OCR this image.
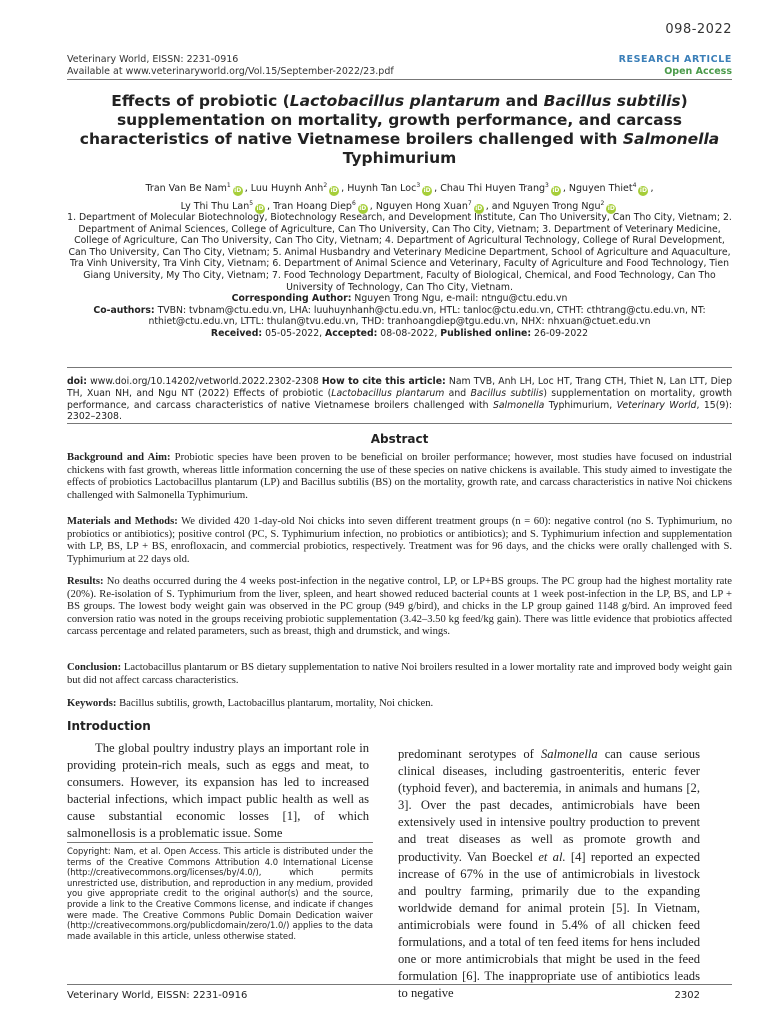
098-2022
Veterinary World, EISSN: 2231-0916
Available at www.veterinaryworld.org/Vol.15/September-2022/23.pdf
RESEARCH ARTICLE
Open Access
Effects of probiotic (Lactobacillus plantarum and Bacillus subtilis) supplementation on mortality, growth performance, and carcass characteristics of native Vietnamese broilers challenged with Salmonella Typhimurium
Tran Van Be Nam$^1$iD , Luu Huynh Anh$^2$iD , Huynh Tan Loc$^3$iD , Chau Thi Huyen Trang$^3$iD , Nguyen Thiet$^4$iD ,
Ly Thi Thu Lan$^5$iD , Tran Hoang Diep$^6$iD , Nguyen Hong Xuan$^7$iD , and Nguyen Trong Ngu$^2$iD
1. Department of Molecular Biotechnology, Biotechnology Research, and Development Institute, Can Tho University, Can Tho City, Vietnam; 2. Department of Animal Sciences, College of Agriculture, Can Tho University, Can Tho City, Vietnam; 3. Department of Veterinary Medicine, College of Agriculture, Can Tho University, Can Tho City, Vietnam; 4. Department of Agricultural Technology, College of Rural Development, Can Tho University, Can Tho City, Vietnam; 5. Animal Husbandry and Veterinary Medicine Department, School of Agriculture and Aquaculture, Tra Vinh University, Tra Vinh City, Vietnam; 6. Department of Animal Science and Veterinary, Faculty of Agriculture and Food Technology, Tien Giang University, My Tho City, Vietnam; 7. Food Technology Department, Faculty of Biological, Chemical, and Food Technology, Can Tho University of Technology, Can Tho City, Vietnam.
Corresponding Author: Nguyen Trong Ngu, e-mail: ntngu@ctu.edu.vn
Co-authors: TVBN: tvbnam@ctu.edu.vn, LHA: luuhuynhanh@ctu.edu.vn, HTL: tanloc@ctu.edu.vn, CTHT: cthtrang@ctu.edu.vn, NT: nthiet@ctu.edu.vn, LTTL: thulan@tvu.edu.vn, THD: tranhoangdiep@tgu.edu.vn, NHX: nhxuan@ctuet.edu.vn
Received: 05-05-2022, Accepted: 08-08-2022, Published online: 26-09-2022
doi: www.doi.org/10.14202/vetworld.2022.2302-2308 How to cite this article: Nam TVB, Anh LH, Loc HT, Trang CTH, Thiet N, Lan LTT, Diep TH, Xuan NH, and Ngu NT (2022) Effects of probiotic (Lactobacillus plantarum and Bacillus subtilis) supplementation on mortality, growth performance, and carcass characteristics of native Vietnamese broilers challenged with Salmonella Typhimurium, Veterinary World, 15(9): 2302–2308.
Abstract
Background and Aim: Probiotic species have been proven to be beneficial on broiler performance; however, most studies have focused on industrial chickens with fast growth, whereas little information concerning the use of these species on native chickens is available. This study aimed to investigate the effects of probiotics Lactobacillus plantarum (LP) and Bacillus subtilis (BS) on the mortality, growth rate, and carcass characteristics in native Noi chickens challenged with Salmonella Typhimurium.
Materials and Methods: We divided 420 1-day-old Noi chicks into seven different treatment groups (n = 60): negative control (no S. Typhimurium, no probiotics or antibiotics); positive control (PC, S. Typhimurium infection, no probiotics or antibiotics); and S. Typhimurium infection and supplementation with LP, BS, LP + BS, enrofloxacin, and commercial probiotics, respectively. Treatment was for 96 days, and the chicks were orally challenged with S. Typhimurium at 22 days old.
Results: No deaths occurred during the 4 weeks post-infection in the negative control, LP, or LP+BS groups. The PC group had the highest mortality rate (20%). Re-isolation of S. Typhimurium from the liver, spleen, and heart showed reduced bacterial counts at 1 week post-infection in the LP, BS, and LP + BS groups. The lowest body weight gain was observed in the PC group (949 g/bird), and chicks in the LP group gained 1148 g/bird. An improved feed conversion ratio was noted in the groups receiving probiotic supplementation (3.42–3.50 kg feed/kg gain). There was little evidence that probiotics affected carcass percentage and related parameters, such as breast, thigh and drumstick, and wings.
Conclusion: Lactobacillus plantarum or BS dietary supplementation to native Noi broilers resulted in a lower mortality rate and improved body weight gain but did not affect carcass characteristics.
Keywords: Bacillus subtilis, growth, Lactobacillus plantarum, mortality, Noi chicken.
Introduction
The global poultry industry plays an important role in providing protein-rich meals, such as eggs and meat, to consumers. However, its expansion has led to increased bacterial infections, which impact public health as well as cause substantial economic losses [1], of which salmonellosis is a problematic issue. Some
predominant serotypes of Salmonella can cause serious clinical diseases, including gastroenteritis, enteric fever (typhoid fever), and bacteremia, in animals and humans [2, 3]. Over the past decades, antimicrobials have been extensively used in intensive poultry production to prevent and treat diseases as well as promote growth and productivity. Van Boeckel et al. [4] reported an expected increase of 67% in the use of antimicrobials in livestock and poultry farming, primarily due to the expanding worldwide demand for animal protein [5]. In Vietnam, antimicrobials were found in 5.4% of all chicken feed formulations, and a total of ten feed items for hens included one or more antimicrobials that might be used in the feed formulation [6]. The inappropriate use of antibiotics leads to negative
Copyright: Nam, et al. Open Access. This article is distributed under the terms of the Creative Commons Attribution 4.0 International License (http://creativecommons.org/licenses/by/4.0/), which permits unrestricted use, distribution, and reproduction in any medium, provided you give appropriate credit to the original author(s) and the source, provide a link to the Creative Commons license, and indicate if changes were made. The Creative Commons Public Domain Dedication waiver (http://creativecommons.org/publicdomain/zero/1.0/) applies to the data made available in this article, unless otherwise stated.
Veterinary World, EISSN: 2231-0916	2302
